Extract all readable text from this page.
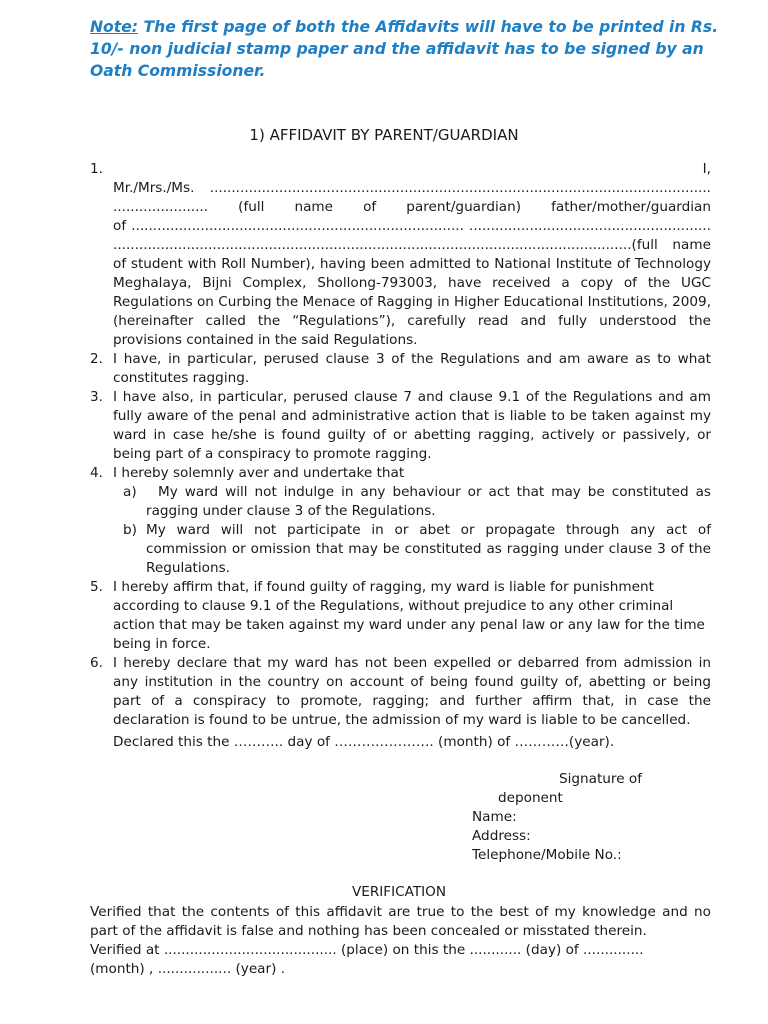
Note: The first page of both the Affidavits will have to be printed in Rs. 10/- non judicial stamp paper and the affidavit has to be signed by an Oath Commissioner.

1) AFFIDAVIT BY PARENT/GUARDIAN
1.	I,
Mr./Mrs./Ms. ....................................................................................................................
...................... (full name of parent/guardian) father/mother/guardian
of ............................................................................. ........................................................
........................................................................................................................(full name
of student with Roll Number), having been admitted to National Institute of Technology Meghalaya, Bijni Complex, Shollong-793003, have received a copy of the UGC Regulations on Curbing the Menace of Ragging in Higher Educational Institutions, 2009, (hereinafter called the “Regulations”), carefully read and fully understood the provisions contained in the said Regulations.
2. I have, in particular, perused clause 3 of the Regulations and am aware as to what constitutes ragging.
3. I have also, in particular, perused clause 7 and clause 9.1 of the Regulations and am fully aware of the penal and administrative action that is liable to be taken against my ward in case he/she is found guilty of or abetting ragging, actively or passively, or being part of a conspiracy to promote ragging.
4. I hereby solemnly aver and undertake that
a)	My ward will not indulge in any behaviour or act that may be constituted as ragging under clause 3 of the Regulations.
b) My ward will not participate in or abet or propagate through any act of commission or omission that may be constituted as ragging under clause 3 of the Regulations.
5. I hereby affirm that, if found guilty of ragging, my ward is liable for punishment according to clause 9.1 of the Regulations, without prejudice to any other criminal action that may be taken against my ward under any penal law or any law for the time being in force.
6. I hereby declare that my ward has not been expelled or debarred from admission in any institution in the country on account of being found guilty of, abetting or being part of a conspiracy to promote, ragging; and further affirm that, in case the declaration is found to be untrue, the admission of my ward is liable to be cancelled.
Declared this the ……….. day of …………………. (month) of …………(year).
Signature of
deponent
Name:
Address:
Telephone/Mobile No.:
VERIFICATION
Verified that the contents of this affidavit are true to the best of my knowledge and no part of the affidavit is false and nothing has been concealed or misstated therein.
Verified at ........................................ (place) on this the ............ (day) of ..............
(month) , ................. (year) .
